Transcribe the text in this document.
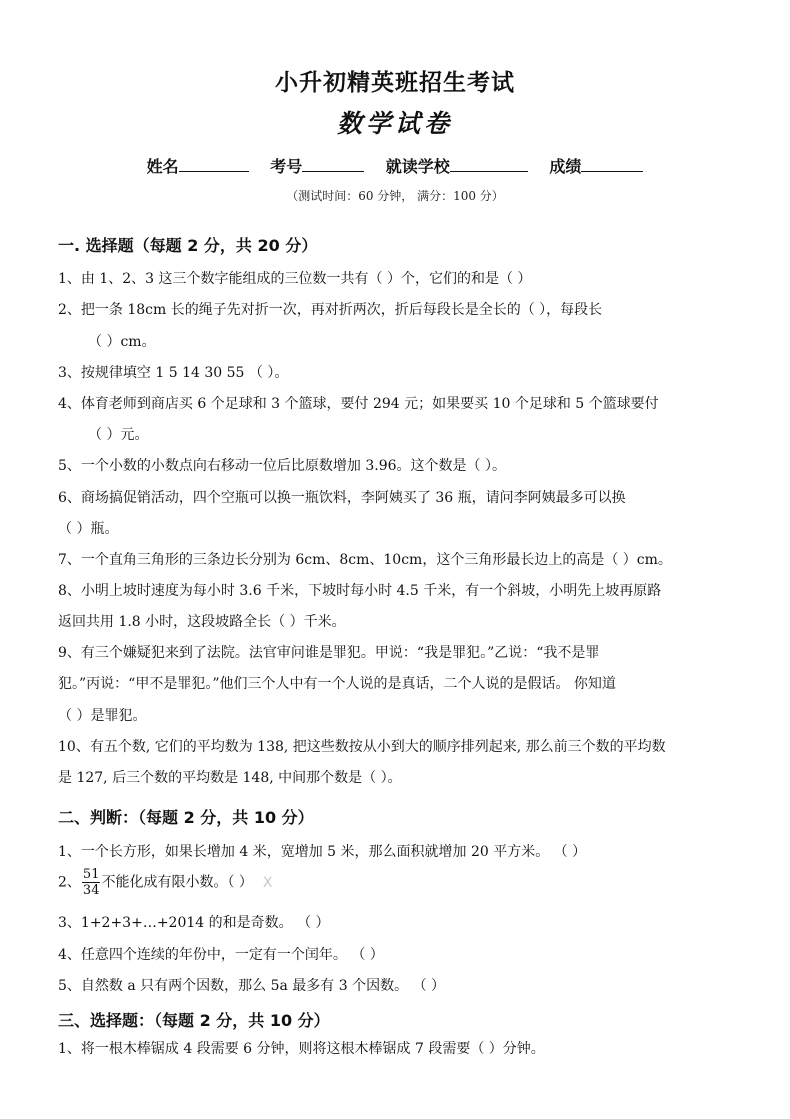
小升初精英班招生考试
数学试卷
姓名	考号	就读学校	成绩
（测试时间：60 分钟， 满分：100 分）
一. 选择题（每题 2 分，共 20 分）
1、由 1、2、3 这三个数字能组成的三位数一共有（ ）个，它们的和是（ ）
2、把一条 18cm 长的绳子先对折一次，再对折两次，折后每段长是全长的（ ），每段长
（ ）cm。
3、按规律填空 1 5 14 30 55 （ ）。
4、体育老师到商店买 6 个足球和 3 个篮球，要付 294 元；如果要买 10 个足球和 5 个篮球要付
（ ）元。
5、一个小数的小数点向右移动一位后比原数增加 3.96。这个数是（ ）。
6、商场搞促销活动，四个空瓶可以换一瓶饮料，李阿姨买了 36 瓶，请问李阿姨最多可以换
（ ）瓶。
7、一个直角三角形的三条边长分别为 6cm、8cm、10cm，这个三角形最长边上的高是（ ）cm。
8、小明上坡时速度为每小时 3.6 千米，下坡时每小时 4.5 千米，有一个斜坡，小明先上坡再原路
返回共用 1.8 小时，这段坡路全长（ ）千米。
9、有三个嫌疑犯来到了法院。法官审问谁是罪犯。甲说：“我是罪犯。”乙说：“我不是罪
犯。”丙说：“甲不是罪犯。”他们三个人中有一个人说的是真话，二个人说的是假话。 你知道
（ ）是罪犯。
10、有五个数, 它们的平均数为 138, 把这些数按从小到大的顺序排列起来, 那么前三个数的平均数
是 127, 后三个数的平均数是 148, 中间那个数是（ ）。
二、判断：（每题 2 分，共 10 分）
1、一个长方形，如果长增加 4 米，宽增加 5 米，那么面积就增加 20 平方米。 （ ）
2、 $\frac{51}{34}$ 不能化成有限小数。（ ） X
3、1+2+3+…+2014 的和是奇数。 （ ）
4、任意四个连续的年份中，一定有一个闰年。 （ ）
5、自然数 a 只有两个因数，那么 5a 最多有 3 个因数。 （ ）
三、选择题：（每题 2 分，共 10 分）
1、将一根木棒锯成 4 段需要 6 分钟，则将这根木棒锯成 7 段需要（ ）分钟。
